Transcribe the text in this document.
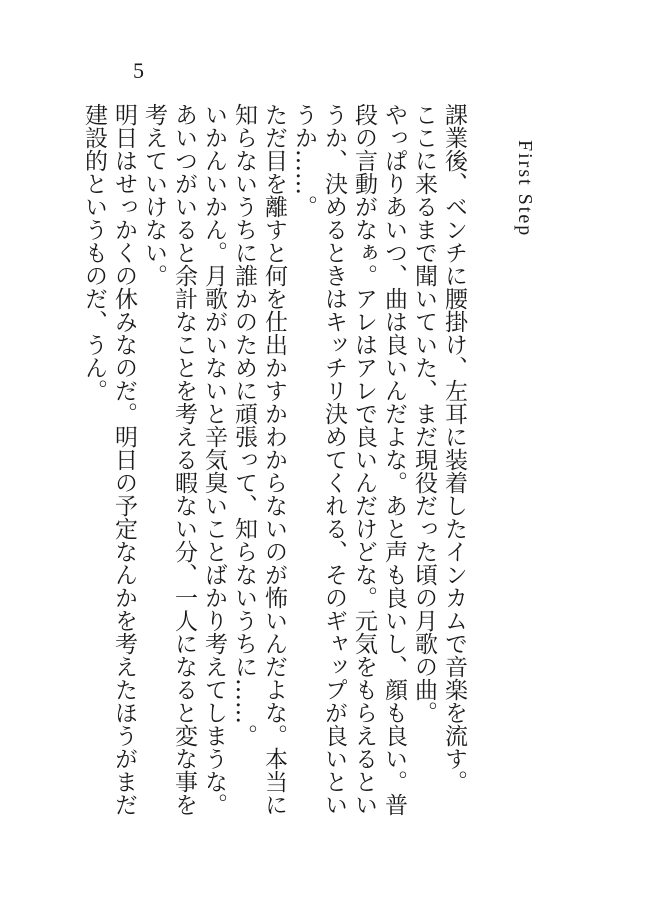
5
First Step

課業後、ベンチに腰掛け、左耳に装着したインカムで音楽を流す。

ここに来るまで聞いていた、まだ現役だった頃の月歌の曲。

やっぱりあいつ、曲は良いんだよな。あと声も良いし、顔も良い。普段の言動がなぁ。アレはアレで良いんだけどな。元気をもらえるというか、決めるときはキッチリ決めてくれる、そのギャップが良いというか……。

ただ目を離すと何を仕出かすかわからないのが怖いんだよな。本当に知らないうちに誰かのために頑張って、知らないうちに……。

いかんいかん。月歌がいないと辛気臭いことばかり考えてしまうな。あいつがいると余計なことを考える暇ない分、一人になると変な事を考えていけない。

明日はせっかくの休みなのだ。明日の予定なんかを考えたほうがまだ建設的というものだ、うん。
